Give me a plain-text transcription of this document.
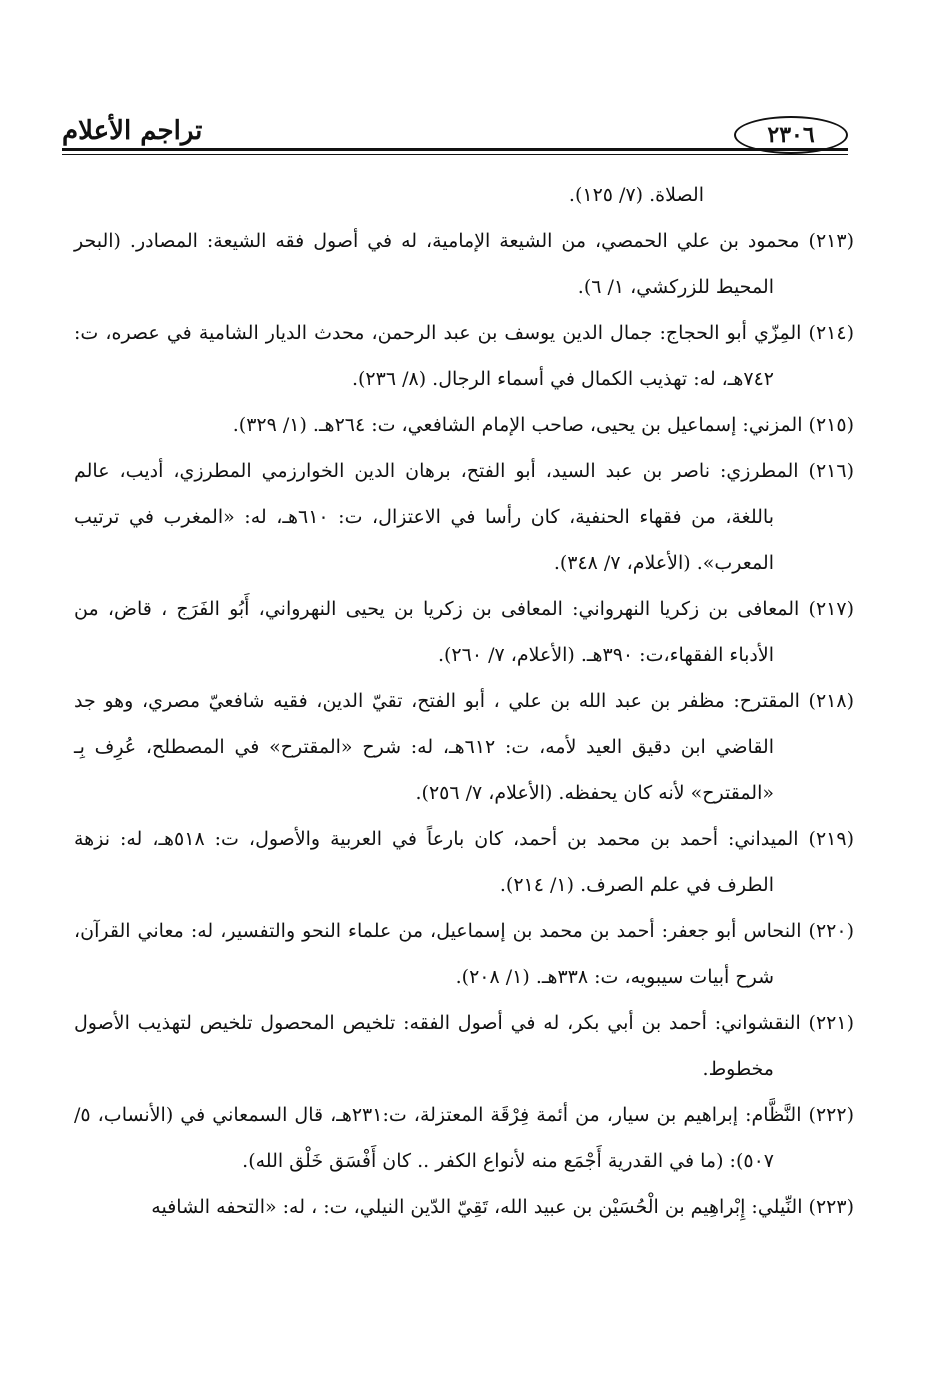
٢٣٠٦
تراجم الأعلام
الصلاة. (٧/ ١٢٥).

(٢١٣) محمود بن علي الحمصي، من الشيعة الإمامية، له في أصول فقه الشيعة: المصادر. (البحر المحيط للزركشي، ١/ ٦).

(٢١٤) المِزّي أبو الحجاج: جمال الدين يوسف بن عبد الرحمن، محدث الديار الشامية في عصره، ت: ٧٤٢هـ، له: تهذيب الكمال في أسماء الرجال. (٨/ ٢٣٦).

(٢١٥) المزني: إسماعيل بن يحيى، صاحب الإمام الشافعي، ت: ٢٦٤هـ. (١/ ٣٢٩).

(٢١٦) المطرزي: ناصر بن عبد السيد، أبو الفتح، برهان الدين الخوارزمي المطرزي، أديب، عالم باللغة، من فقهاء الحنفية، كان رأسا في الاعتزال، ت: ٦١٠هـ، له: «المغرب في ترتيب المعرب». (الأعلام، ٧/ ٣٤٨).

(٢١٧) المعافى بن زكريا النهرواني: المعافى بن زكريا بن يحيى النهرواني، أَبُو الفَرَج ، قاض، من الأدباء الفقهاء،ت: ٣٩٠هـ. (الأعلام، ٧/ ٢٦٠).

(٢١٨) المقترح: مظفر بن عبد الله بن علي ، أبو الفتح، تقيّ الدين، فقيه شافعيّ مصري، وهو جد القاضي ابن دقيق العيد لأمه، ت: ٦١٢هـ، له: شرح «المقترح» في المصطلح، عُرِف بِـ «المقترح» لأنه كان يحفظه. (الأعلام، ٧/ ٢٥٦).

(٢١٩) الميداني: أحمد بن محمد بن أحمد، كان بارعاً في العربية والأصول، ت: ٥١٨هـ، له: نزهة الطرف في علم الصرف. (١/ ٢١٤).

(٢٢٠) النحاس أبو جعفر: أحمد بن محمد بن إسماعيل، من علماء النحو والتفسير، له: معاني القرآن، شرح أبيات سيبويه، ت: ٣٣٨هـ. (١/ ٢٠٨).

(٢٢١) النقشواني: أحمد بن أبي بكر، له في أصول الفقه: تلخيص المحصول تلخيص لتهذيب الأصول مخطوط.

(٢٢٢) النَّظَّام: إبراهيم بن سيار، من أئمة فِرْقَة المعتزلة، ت:٢٣١هـ، قال السمعاني في (الأنساب، ٥/ ٥٠٧): (ما في القدرية أَجْمَع منه لأنواع الكفر .. كان أَفْسَق خَلْق الله).

(٢٢٣) النِّيلي: إِبْراهِيم بن الْحُسَيْن بن عبيد الله، تَقِيّ الدّين النيلي، ت: ، له: «التحفه الشافيه
